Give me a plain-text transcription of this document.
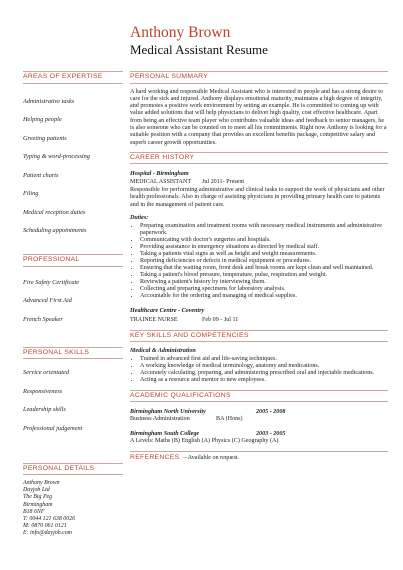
Anthony Brown
Medical Assistant Resume
AREAS OF EXPERTISE
Administrative tasks
Helping people
Greeting patients
Typing & word-processing
Patient charts
Filing
Medical reception duties
Scheduling appointments
PROFESSIONAL
Fire Safety Certificate
Advanced First Aid
French Speaker
PERSONAL SKILLS
Service orientated
Responsiveness
Leadership skills
Professional judgement
PERSONAL DETAILS
Anthony Brown
Dayjob Ltd
The Big Peg
Birmingham
B18 6NF
T: 0044 121 638 0026
M: 0870 061 0121
E: info@dayjob.com
PERSONAL SUMMARY
A hard working and responsible Medical Assistant who is interested in people and has a strong desire to care for the sick and injured. Anthony displays emotional maturity, maintains a high degree of integrity, and promotes a positive work environment by setting an example. He is committed to coming up with value added solutions that will help physicians to deliver high quality, cost effective healthcare. Apart from being an effective team player who contributes valuable ideas and feedback to senior managers, he is also someone who can be counted on to meet all his commitments. Right now Anthony is looking for a suitable position with a company that provides an excellent benefits package, competitive salary and superb career growth opportunities.
CAREER HISTORY
Hospital - Birmingham
MEDICAL ASSISTANT	Jul 2011- Present
Responsible for performing administrative and clinical tasks to support the work of physicians and other health professionals. Also in charge of assisting physicians in providing primary health care to patients and in the management of patient care.
Duties:
• Preparing examination and treatment rooms with necessary medical instruments and administrative paperwork.
• Communicating with doctor's surgeries and hospitals.
• Providing assistance in emergency situations as directed by medical staff.
• Taking a patients vital signs as well as height and weight measurements.
• Reporting deficiencies or defects in medical equipment or procedures.
• Ensuring that the waiting room, front desk and break rooms are kept clean and well maintained.
• Taking a patient's blood pressure, temperature, pulse, respiration and weight.
• Reviewing a patient's history by interviewing them.
• Collecting and preparing specimens for laboratory analysis.
• Accountable for the ordering and managing of medical supplies.
Healthcare Centre - Coventry
TRAINEE NURSE	Feb 09 - Jul 11
KEY SKILLS AND COMPETENCIES
Medical & Administration
• Trained in advanced first aid and life-saving techniques.
• A working knowledge of medical terminology, anatomy and medications.
• Accurately calculating, preparing, and administering prescribed oral and injectable medications.
• Acting as a resource and mentor to new employees.
ACADEMIC QUALIFICATIONS
Birmingham North University	2005 - 2008
Business Administration	BA (Hons)
Birmingham South College	2003 - 2005
A Levels: Maths (B) English (A) Physics (C) Geography (A)
REFERENCES – Available on request.
